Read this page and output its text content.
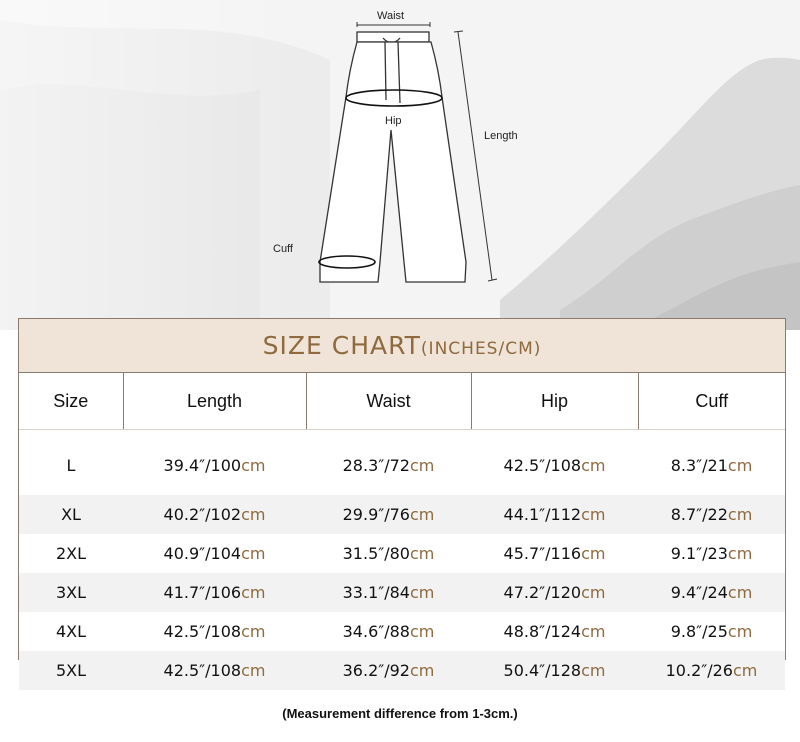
Waist
Hip
Length
Cuff
SIZE CHART(INCHES/CM)
Size	Length	Waist	Hip	Cuff
L	39.4″/100cm	28.3″/72cm	42.5″/108cm	8.3″/21cm
XL	40.2″/102cm	29.9″/76cm	44.1″/112cm	8.7″/22cm
2XL	40.9″/104cm	31.5″/80cm	45.7″/116cm	9.1″/23cm
3XL	41.7″/106cm	33.1″/84cm	47.2″/120cm	9.4″/24cm
4XL	42.5″/108cm	34.6″/88cm	48.8″/124cm	9.8″/25cm
5XL	42.5″/108cm	36.2″/92cm	50.4″/128cm	10.2″/26cm
(Measurement difference from 1-3cm.)
